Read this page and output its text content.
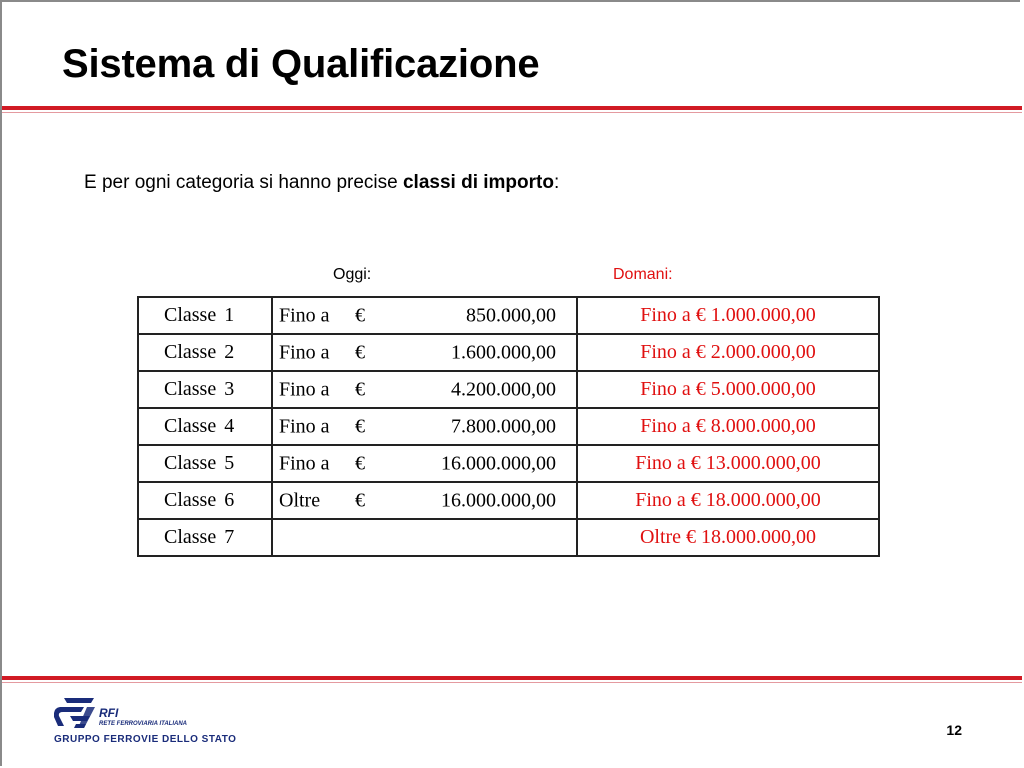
Sistema di Qualificazione
E per ogni categoria si hanno precise classi di importo:
Oggi:	Domani:
Classe 1	Fino a € 850.000,00	Fino a € 1.000.000,00
Classe 2	Fino a € 1.600.000,00	Fino a € 2.000.000,00
Classe 3	Fino a € 4.200.000,00	Fino a € 5.000.000,00
Classe 4	Fino a € 7.800.000,00	Fino a € 8.000.000,00
Classe 5	Fino a € 16.000.000,00	Fino a € 13.000.000,00
Classe 6	Oltre € 16.000.000,00	Fino a € 18.000.000,00
Classe 7		Oltre € 18.000.000,00
RFI
RETE FERROVIARIA ITALIANA
GRUPPO FERROVIE DELLO STATO
12
